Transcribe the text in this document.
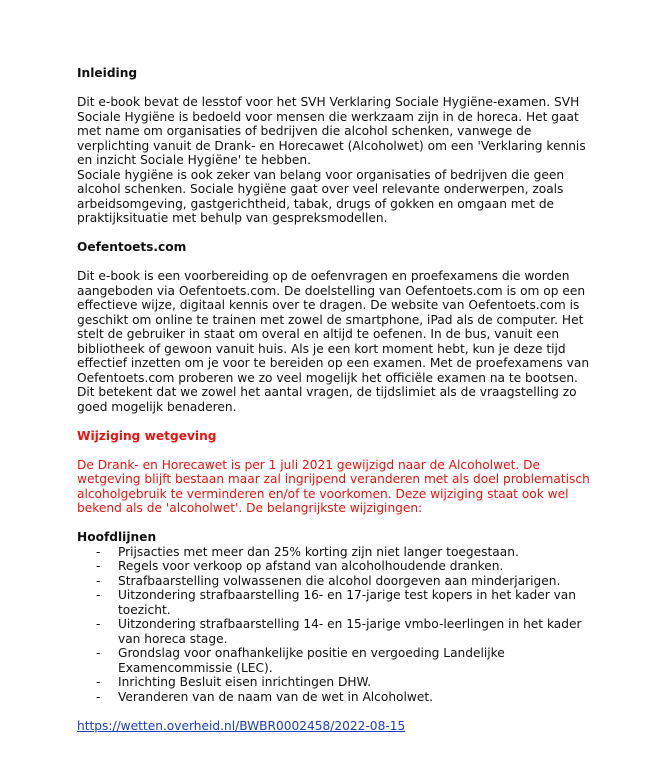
Inleiding

Dit e-book bevat de lesstof voor het SVH Verklaring Sociale Hygiëne-examen. SVH Sociale Hygiëne is bedoeld voor mensen die werkzaam zijn in de horeca. Het gaat met name om organisaties of bedrijven die alcohol schenken, vanwege de verplichting vanuit de Drank- en Horecawet (Alcoholwet) om een 'Verklaring kennis en inzicht Sociale Hygiëne' te hebben.

Sociale hygiëne is ook zeker van belang voor organisaties of bedrijven die geen alcohol schenken. Sociale hygiëne gaat over veel relevante onderwerpen, zoals arbeidsomgeving, gastgerichtheid, tabak, drugs of gokken en omgaan met de praktijksituatie met behulp van gespreksmodellen.

Oefentoets.com

Dit e-book is een voorbereiding op de oefenvragen en proefexamens die worden aangeboden via Oefentoets.com. De doelstelling van Oefentoets.com is om op een effectieve wijze, digitaal kennis over te dragen. De website van Oefentoets.com is geschikt om online te trainen met zowel de smartphone, iPad als de computer. Het stelt de gebruiker in staat om overal en altijd te oefenen. In de bus, vanuit een bibliotheek of gewoon vanuit huis. Als je een kort moment hebt, kun je deze tijd effectief inzetten om je voor te bereiden op een examen. Met de proefexamens van Oefentoets.com proberen we zo veel mogelijk het officiële examen na te bootsen. Dit betekent dat we zowel het aantal vragen, de tijdslimiet als de vraagstelling zo goed mogelijk benaderen.

Wijziging wetgeving

De Drank- en Horecawet is per 1 juli 2021 gewijzigd naar de Alcoholwet. De wetgeving blijft bestaan maar zal ingrijpend veranderen met als doel problematisch alcoholgebruik te verminderen en/of te voorkomen. Deze wijziging staat ook wel bekend als de 'alcoholwet'. De belangrijkste wijzigingen:

Hoofdlijnen

- Prijsacties met meer dan 25% korting zijn niet langer toegestaan.
- Regels voor verkoop op afstand van alcoholhoudende dranken.
- Strafbaarstelling volwassenen die alcohol doorgeven aan minderjarigen.
- Uitzondering strafbaarstelling 16- en 17-jarige test kopers in het kader van toezicht.
- Uitzondering strafbaarstelling 14- en 15-jarige vmbo-leerlingen in het kader van horeca stage.
- Grondslag voor onafhankelijke positie en vergoeding Landelijke Examencommissie (LEC).
- Inrichting Besluit eisen inrichtingen DHW.
- Veranderen van de naam van de wet in Alcoholwet.
https://wetten.overheid.nl/BWBR0002458/2022-08-15
